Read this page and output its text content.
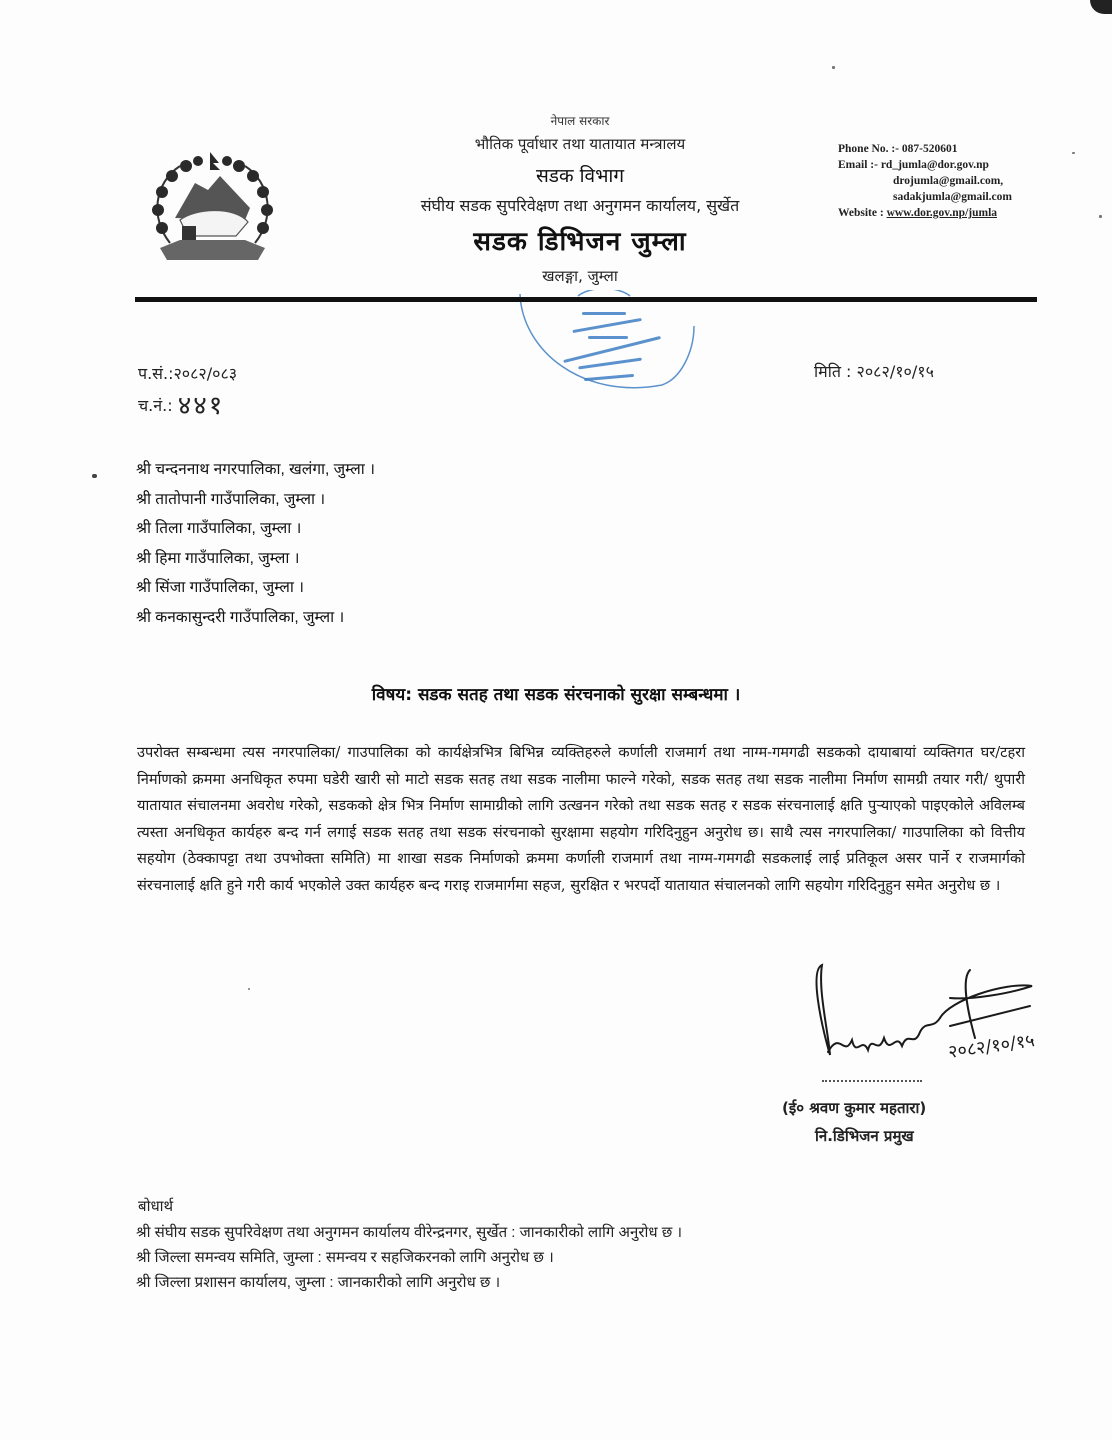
नेपाल सरकार
भौतिक पूर्वाधार तथा यातायात मन्त्रालय
सडक विभाग
संघीय सडक सुपरिवेक्षण तथा अनुगमन कार्यालय, सुर्खेत
सडक डिभिजन जुम्ला
खलङ्गा, जुम्ला
Phone No. :- 087-520601
Email :- rd_jumla@dor.gov.np
drojumla@gmail.com,
sadakjumla@gmail.com
Website : www.dor.gov.np/jumla
प.सं.:२०८२/०८३
च.नं.: ४४१
मिति : २०८२/१०/१५
श्री चन्दननाथ नगरपालिका, खलंगा, जुम्ला ।
श्री तातोपानी गाउँपालिका, जुम्ला ।
श्री तिला गाउँपालिका, जुम्ला ।
श्री हिमा गाउँपालिका, जुम्ला ।
श्री सिंजा गाउँपालिका, जुम्ला ।
श्री कनकासुन्दरी गाउँपालिका, जुम्ला ।
विषय: सडक सतह तथा सडक संरचनाको सुरक्षा सम्बन्धमा ।
उपरोक्त सम्बन्धमा त्यस नगरपालिका/ गाउपालिका को कार्यक्षेत्रभित्र बिभिन्न व्यक्तिहरुले कर्णाली राजमार्ग तथा नाग्म-गमगढी सडकको दायाबायां व्यक्तिगत घर/टहरा निर्माणको क्रममा अनधिकृत रुपमा घडेरी खारी सो माटो सडक सतह तथा सडक नालीमा फाल्ने गरेको, सडक सतह तथा सडक नालीमा निर्माण सामग्री तयार गरी/ थुपारी यातायात संचालनमा अवरोध गरेको, सडकको क्षेत्र भित्र निर्माण सामाग्रीको लागि उत्खनन गरेको तथा सडक सतह र सडक संरचनालाई क्षति पुर्‍याएको पाइएकोले अविलम्ब त्यस्ता अनधिकृत कार्यहरु बन्द गर्न लगाई सडक सतह तथा सडक संरचनाको सुरक्षामा सहयोग गरिदिनुहुन अनुरोध छ। साथै त्यस नगरपालिका/ गाउपालिका को वित्तीय सहयोग (ठेक्कापट्टा तथा उपभोक्ता समिति) मा शाखा सडक निर्माणको क्रममा कर्णाली राजमार्ग तथा नाग्म-गमगढी सडकलाई लाई प्रतिकूल असर पार्ने र राजमार्गको संरचनालाई क्षति हुने गरी कार्य भएकोले उक्त कार्यहरु बन्द गराइ राजमार्गमा सहज, सुरक्षित र भरपर्दो यातायात संचालनको लागि सहयोग गरिदिनुहुन समेत अनुरोध छ ।
२०८२/१०/१५
(ई० श्रवण कुमार महतारा)
नि.डिभिजन प्रमुख
बोधार्थ
श्री संघीय सडक सुपरिवेक्षण तथा अनुगमन कार्यालय वीरेन्द्रनगर, सुर्खेत : जानकारीको लागि अनुरोध छ ।
श्री जिल्ला समन्वय समिति, जुम्ला : समन्वय र सहजिकरनको लागि अनुरोध छ ।
श्री जिल्ला प्रशासन कार्यालय, जुम्ला : जानकारीको लागि अनुरोध छ ।
